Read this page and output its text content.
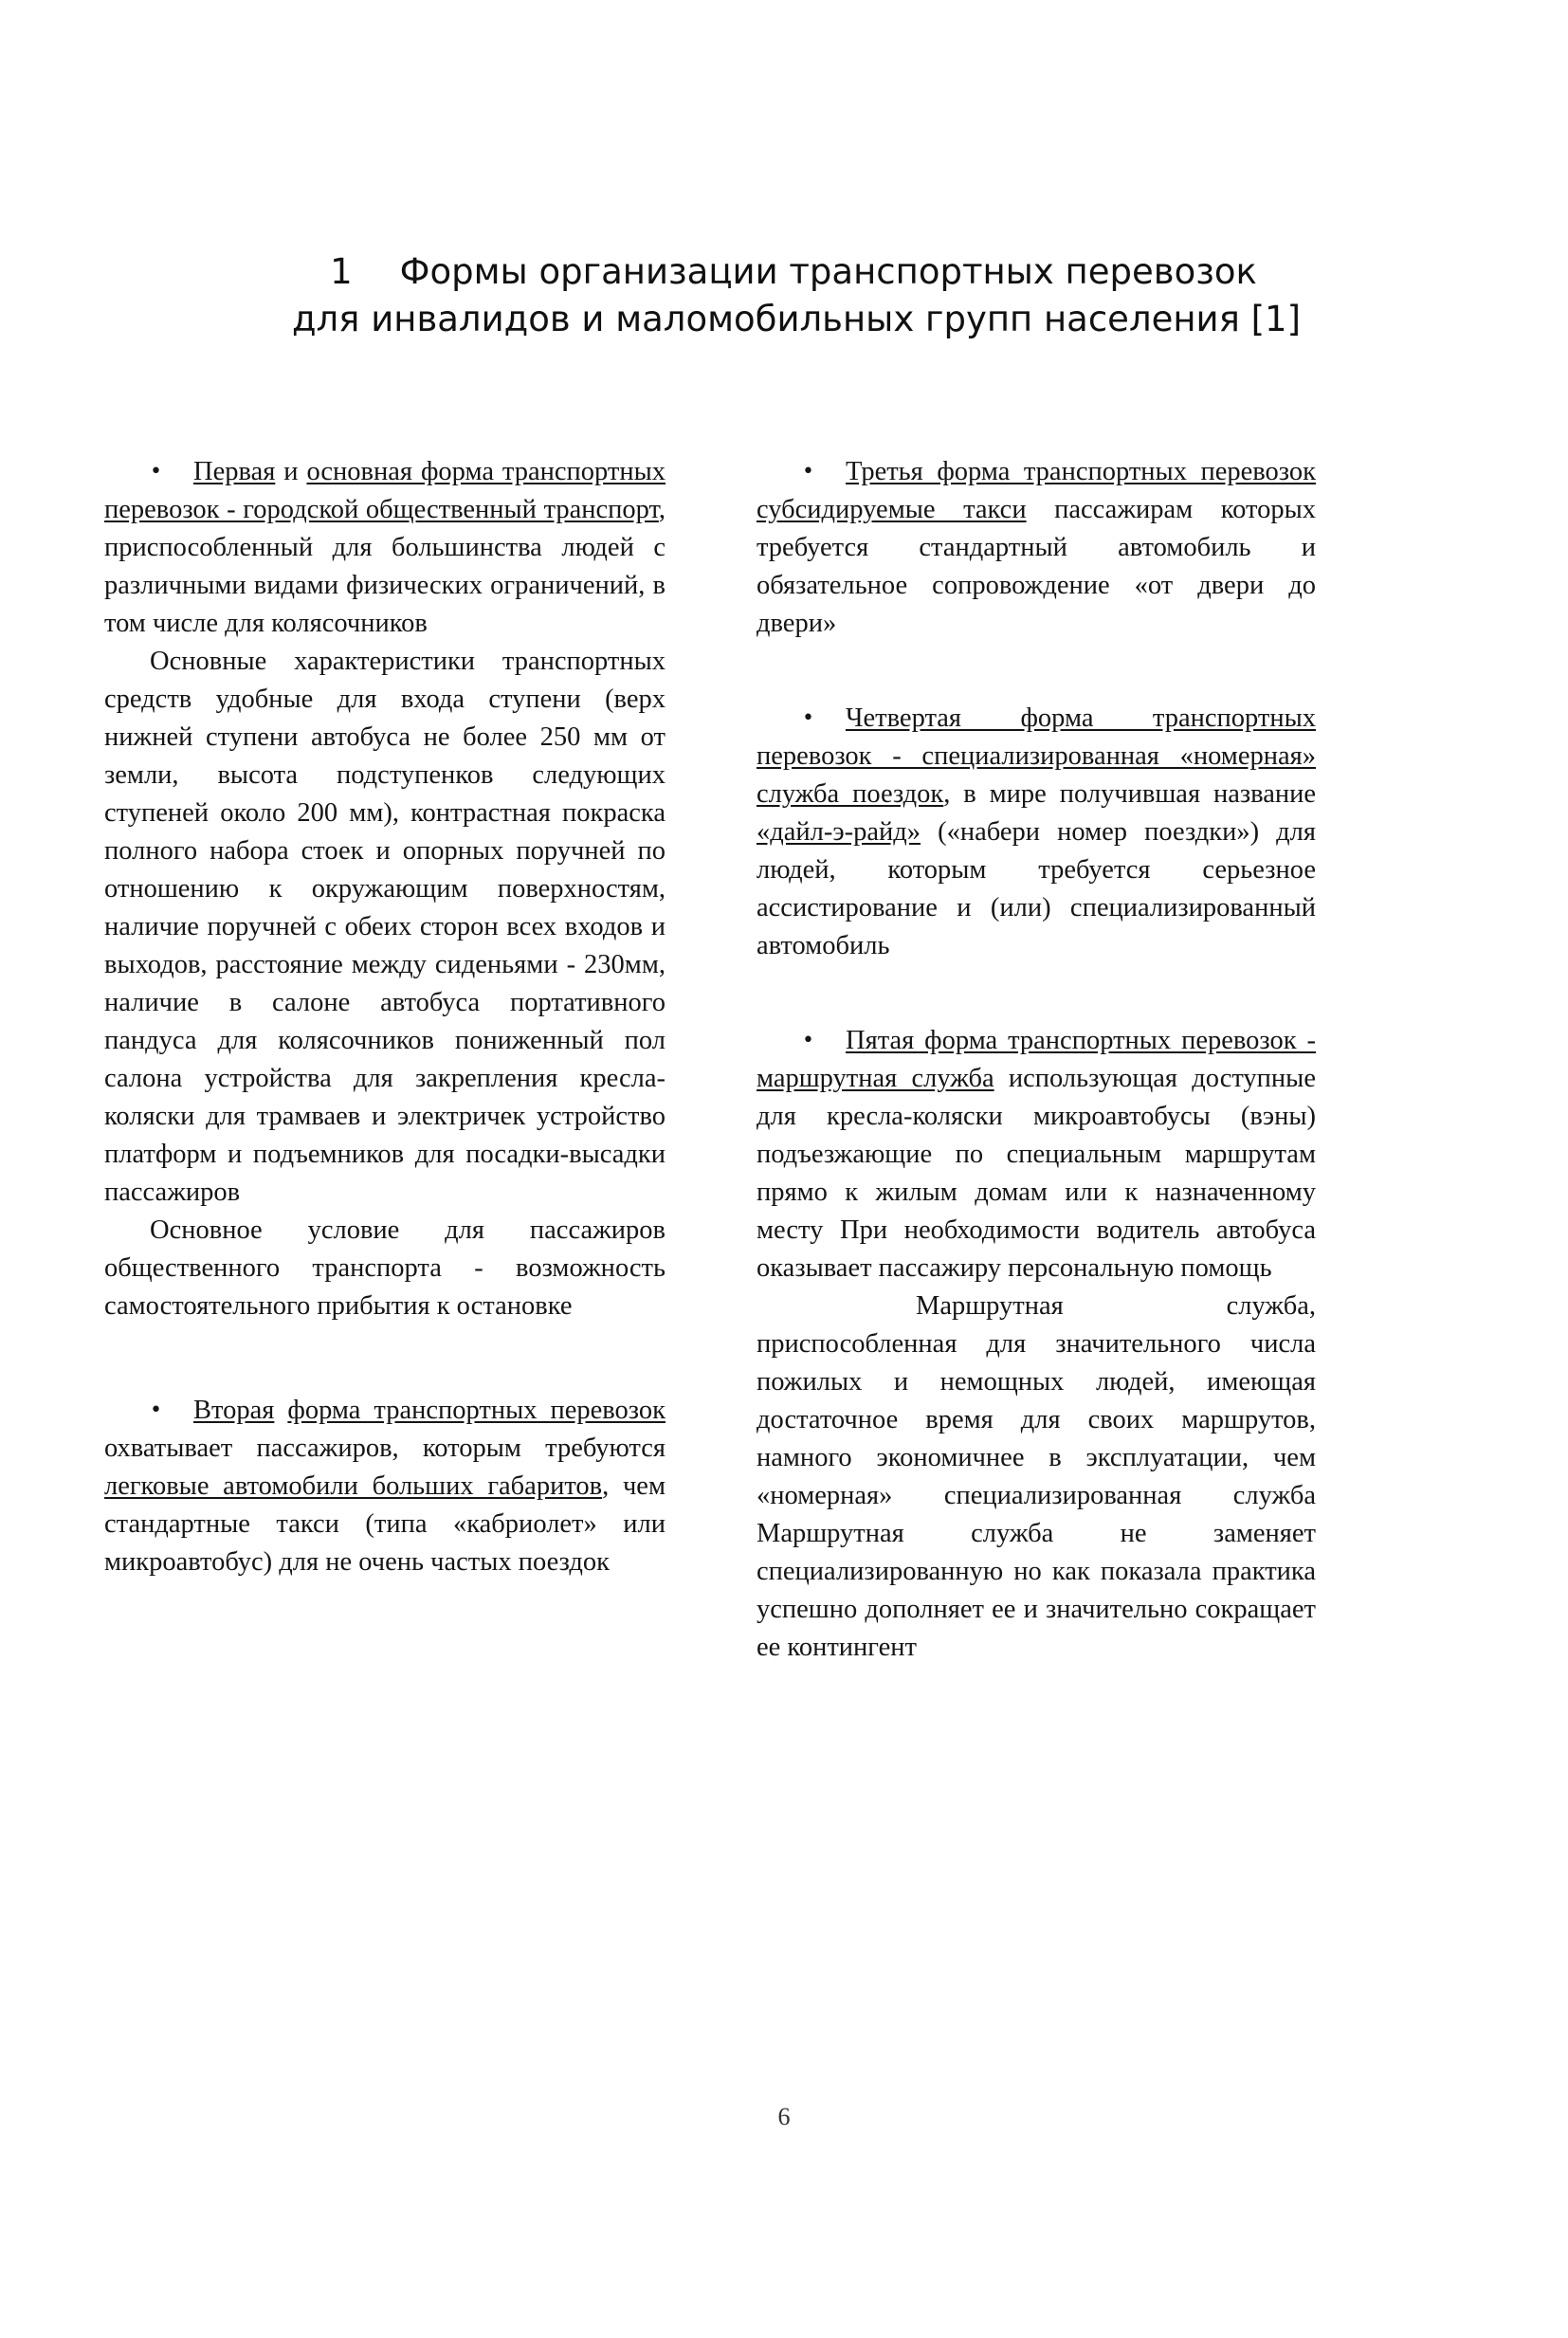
1 Формы организации транспортных перевозок
для инвалидов и маломобильных групп населения [1]

• Первая и основная форма транспортных перевозок - городской общественный транспорт, приспособленный для большинства людей с различными видами физических ограничений, в том числе для колясочников

Основные характеристики транспортных средств удобные для входа ступени (верх нижней ступени автобуса не более 250 мм от земли, высота подступенков следующих ступеней около 200 мм), контрастная покраска полного набора стоек и опорных поручней по отношению к окружающим поверхностям, наличие поручней с обеих сторон всех входов и выходов, расстояние между сиденьями - 230мм, наличие в салоне автобуса портативного пандуса для колясочников пониженный пол салона устройства для закрепления кресла-коляски для трамваев и электричек устройство платформ и подъемников для посадки-высадки пассажиров

Основное условие для пассажиров общественного транспорта - возможность самостоятельного прибытия к остановке

• Вторая форма транспортных перевозок охватывает пассажиров, которым требуются легковые автомобили больших габаритов, чем стандартные такси (типа «кабриолет» или микроавтобус) для не очень частых поездок

• Третья форма транспортных перевозок субсидируемые такси пассажирам которых требуется стандартный автомобиль и обязательное сопровождение «от двери до двери»

• Четвертая форма транспортных перевозок - специализированная «номерная» служба поездок, в мире получившая название «дайл-э-райд» («набери номер поездки») для людей, которым требуется серьезное ассистирование и (или) специализированный автомобиль

• Пятая форма транспортных перевозок - маршрутная служба использующая доступные для кресла-коляски микроавтобусы (вэны) подъезжающие по специальным маршрутам прямо к жилым домам или к назначенному месту При необходимости водитель автобуса оказывает пассажиру персональную помощь

Маршрутная служба, приспособленная для значительного числа пожилых и немощных людей, имеющая достаточное время для своих маршрутов, намного экономичнее в эксплуатации, чем «номерная» специализированная служба Маршрутная служба не заменяет специализированную но как показала практика успешно дополняет ее и значительно сокращает ее контингент

6
